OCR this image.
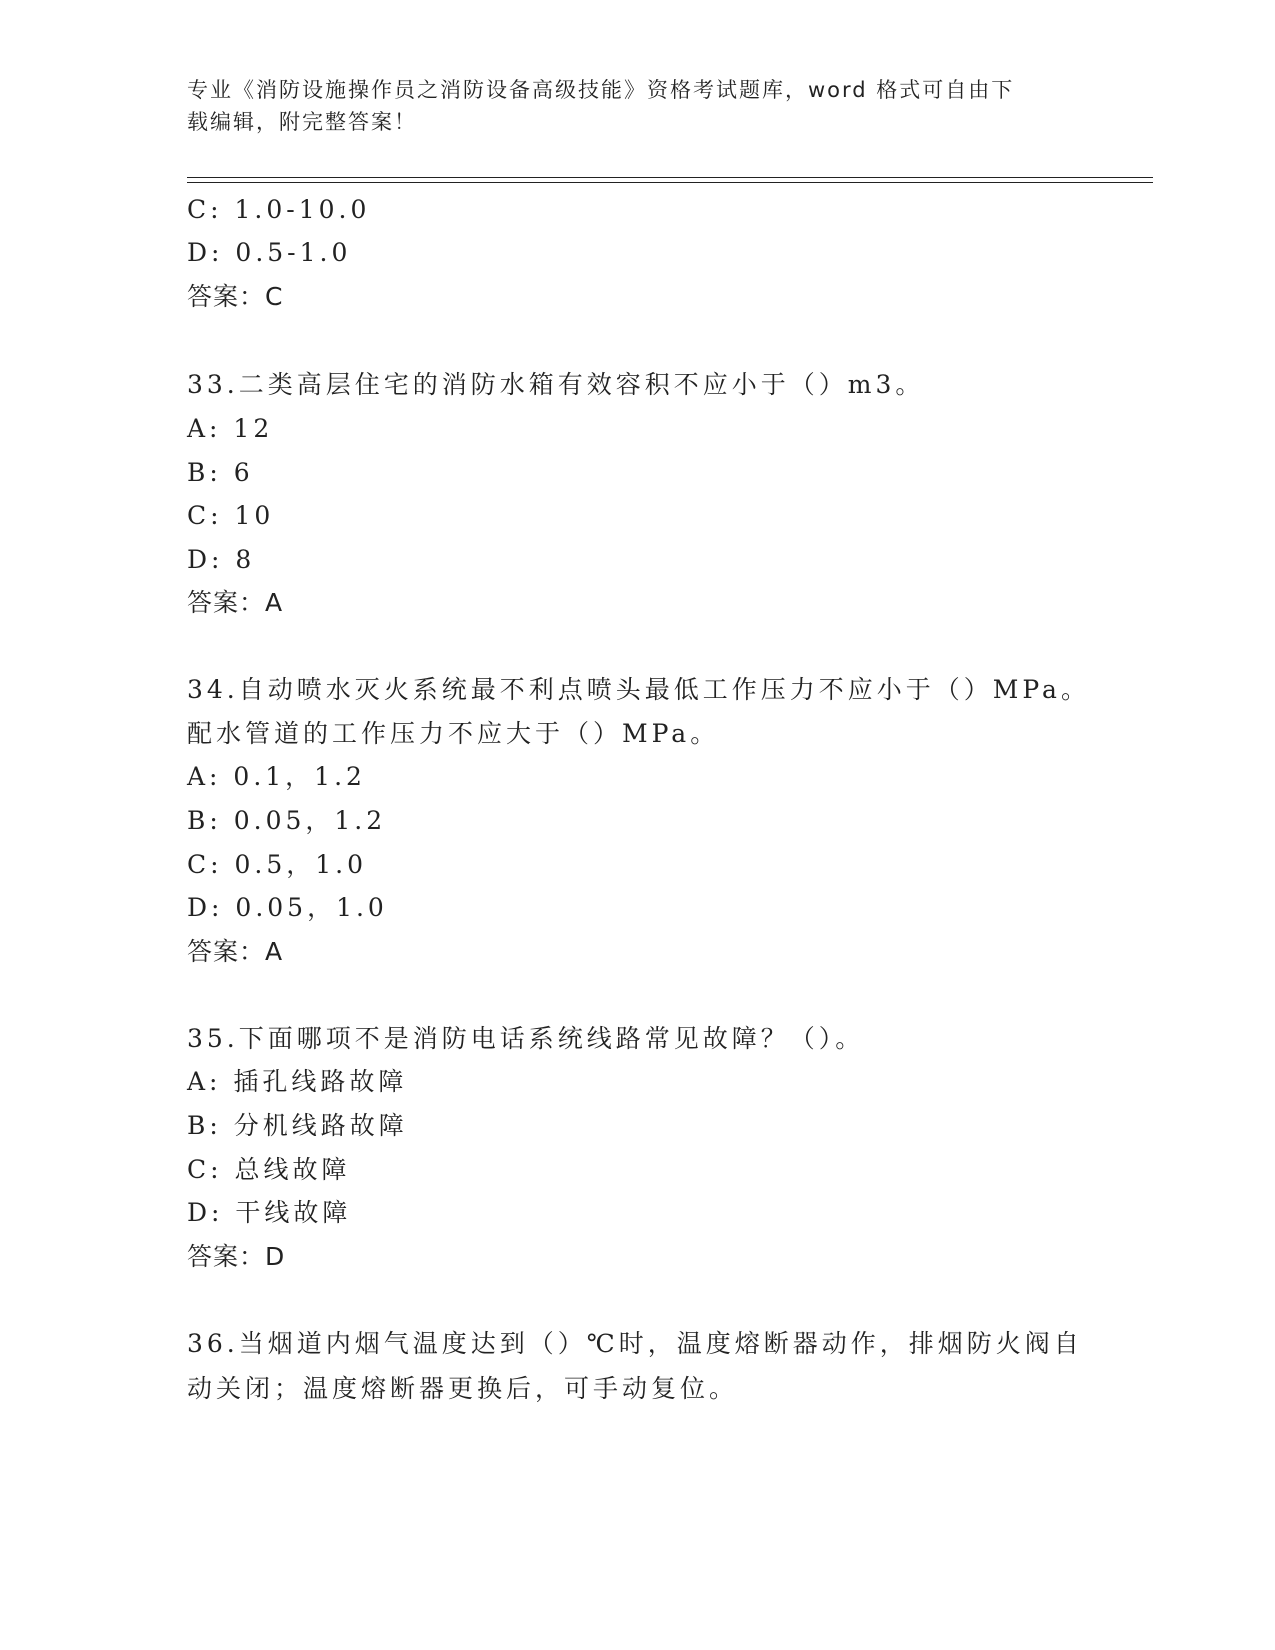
专业《消防设施操作员之消防设备高级技能》资格考试题库，word 格式可自由下
载编辑，附完整答案！
C: 1.0-10.0
D: 0.5-1.0
答案：C
33.二类高层住宅的消防水箱有效容积不应小于（）m3。
A: 12
B: 6
C: 10
D: 8
答案：A
34.自动喷水灭火系统最不利点喷头最低工作压力不应小于（）MPa。
配水管道的工作压力不应大于（）MPa。
A: 0.1，1.2
B: 0.05，1.2
C: 0.5，1.0
D: 0.05，1.0
答案：A
35.下面哪项不是消防电话系统线路常见故障？（）。
A: 插孔线路故障
B: 分机线路故障
C: 总线故障
D: 干线故障
答案：D
36.当烟道内烟气温度达到（）℃时，温度熔断器动作，排烟防火阀自
动关闭；温度熔断器更换后，可手动复位。
